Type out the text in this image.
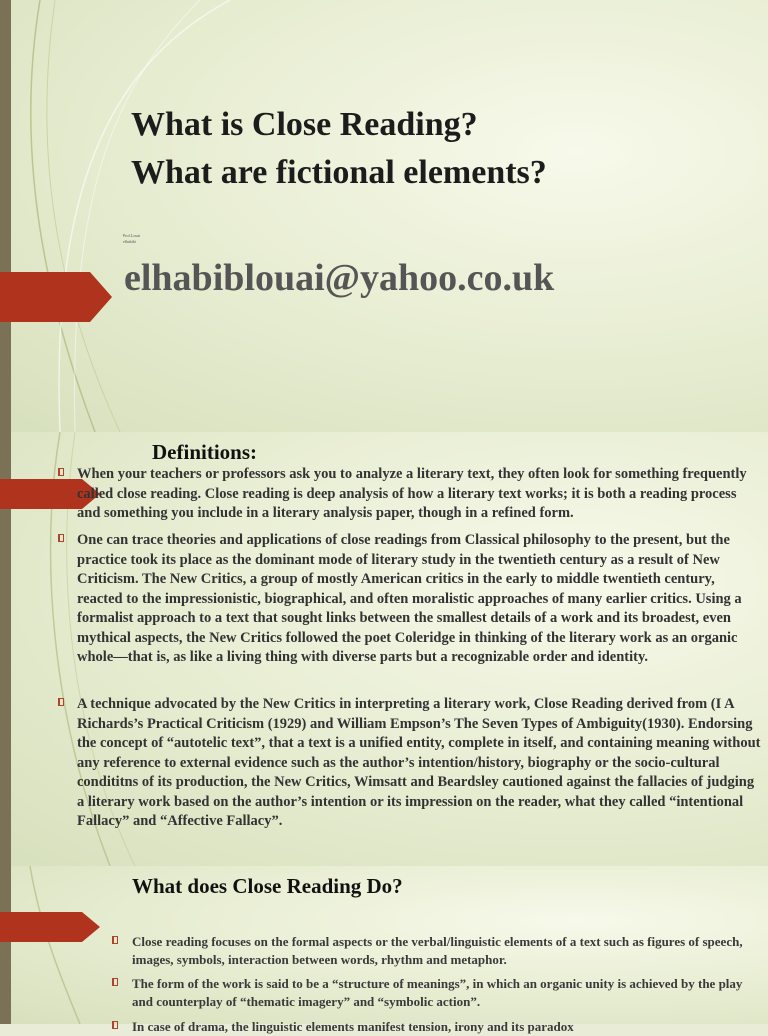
What is Close Reading?
What are fictional elements?
Prof.Louai
elhabibi
elhabiblouai@yahoo.co.uk
Definitions:
When your teachers or professors ask you to analyze a literary text, they often look for something frequently called close reading. Close reading is deep analysis of how a literary text works; it is both a reading process and something you include in a literary analysis paper, though in a refined form.
One can trace theories and applications of close readings from Classical philosophy to the present, but the practice took its place as the dominant mode of literary study in the twentieth century as a result of New Criticism. The New Critics, a group of mostly American critics in the early to middle twentieth century, reacted to the impressionistic, biographical, and often moralistic approaches of many earlier critics. Using a formalist approach to a text that sought links between the smallest details of a work and its broadest, even mythical aspects, the New Critics followed the poet Coleridge in thinking of the literary work as an organic whole—that is, as like a living thing with diverse parts but a recognizable order and identity.
A technique advocated by the New Critics in interpreting a literary work, Close Reading derived from (I A Richards’s Practical Criticism (1929) and William Empson’s The Seven Types of Ambiguity(1930). Endorsing the concept of “autotelic text”, that a text is a unified entity, complete in itself, and containing meaning without any reference to external evidence such as the author’s intention/history, biography or the socio-cultural condititns of its production, the New Critics, Wimsatt and Beardsley cautioned against the fallacies of judging a literary work based on the author’s intention or its impression on the reader, what they called “intentional Fallacy” and “Affective Fallacy”.
What does Close Reading Do?
Close reading focuses on the formal aspects or the verbal/linguistic elements of a text such as figures of speech, images, symbols, interaction between words, rhythm and metaphor.
The form of the work is said to be a “structure of meanings”, in which an organic unity is achieved by the play and counterplay of “thematic imagery” and “symbolic action”.
In case of drama, the linguistic elements manifest tension, irony and its paradox
